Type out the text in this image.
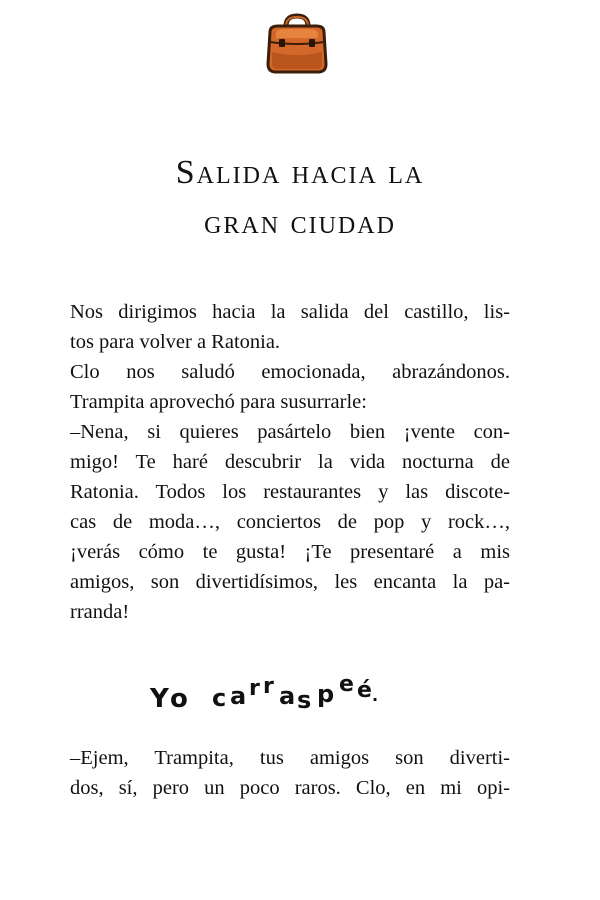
Salida hacia la
gran ciudad
Nos dirigimos hacia la salida del castillo, lis-
tos para volver a Ratonia.
Clo nos saludó emocionada, abrazándonos.
Trampita aprovechó para susurrarle:
–Nena, si quieres pasártelo bien ¡vente con-
migo! Te haré descubrir la vida nocturna de
Ratonia. Todos los restaurantes y las discote-
cas de moda…, conciertos de pop y rock…,
¡verás cómo te gusta! ¡Te presentaré a mis
amigos, son divertidísimos, les encanta la pa-
rranda!
Y o c a r r a s p e é .
–Ejem, Trampita, tus amigos son diverti-
dos, sí, pero un poco raros. Clo, en mi opi-
